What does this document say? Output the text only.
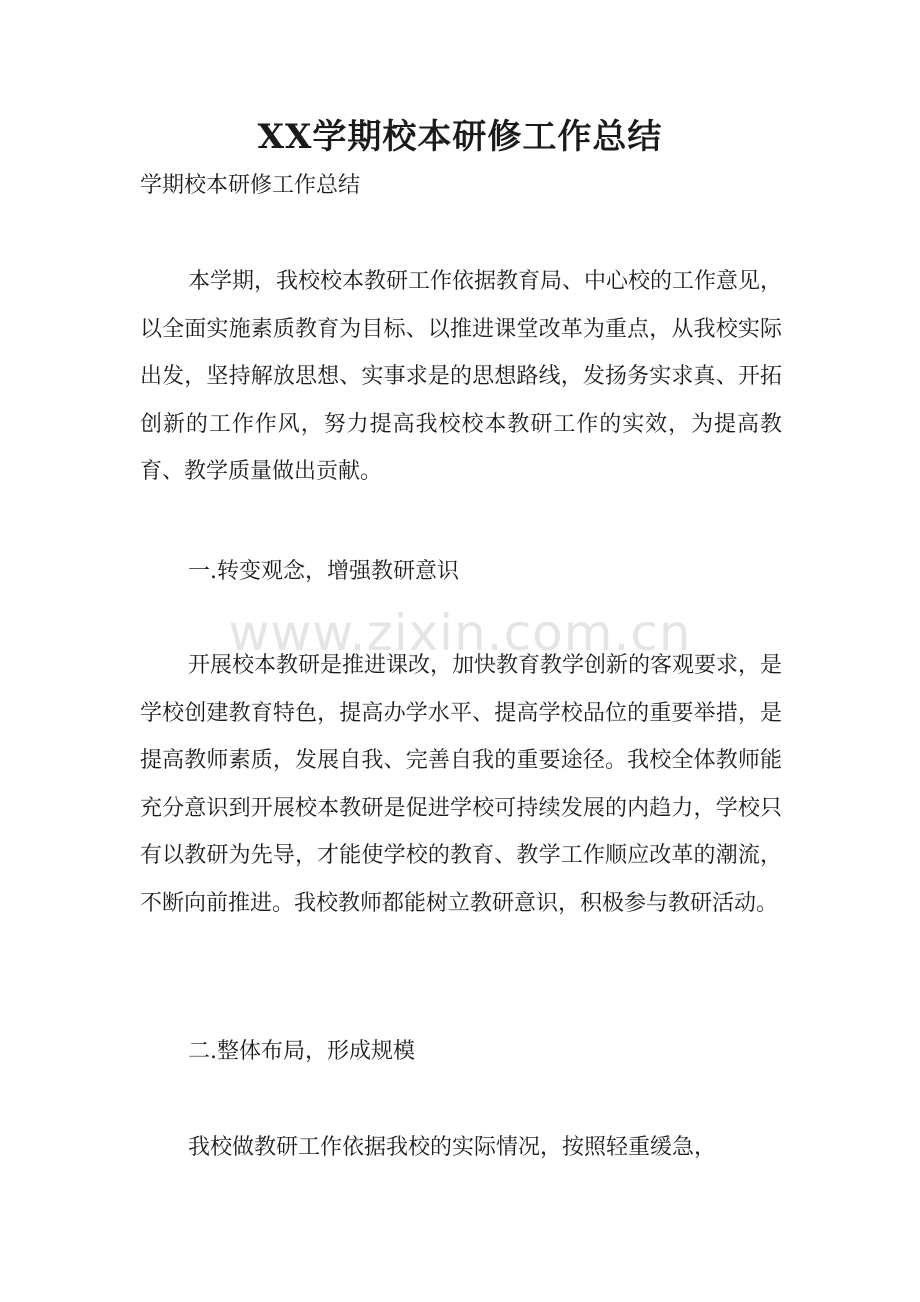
XX学期校本研修工作总结
学期校本研修工作总结

本学期，我校校本教研工作依据教育局、中心校的工作意见，以全面实施素质教育为目标、以推进课堂改革为重点，从我校实际出发，坚持解放思想、实事求是的思想路线，发扬务实求真、开拓创新的工作作风，努力提高我校校本教研工作的实效，为提高教育、教学质量做出贡献。

一.转变观念，增强教研意识

www.zixin.com.cn

开展校本教研是推进课改，加快教育教学创新的客观要求，是学校创建教育特色，提高办学水平、提高学校品位的重要举措，是提高教师素质，发展自我、完善自我的重要途径。我校全体教师能充分意识到开展校本教研是促进学校可持续发展的内趋力，学校只有以教研为先导，才能使学校的教育、教学工作顺应改革的潮流，不断向前推进。我校教师都能树立教研意识，积极参与教研活动。

二.整体布局，形成规模

我校做教研工作依据我校的实际情况，按照轻重缓急，
